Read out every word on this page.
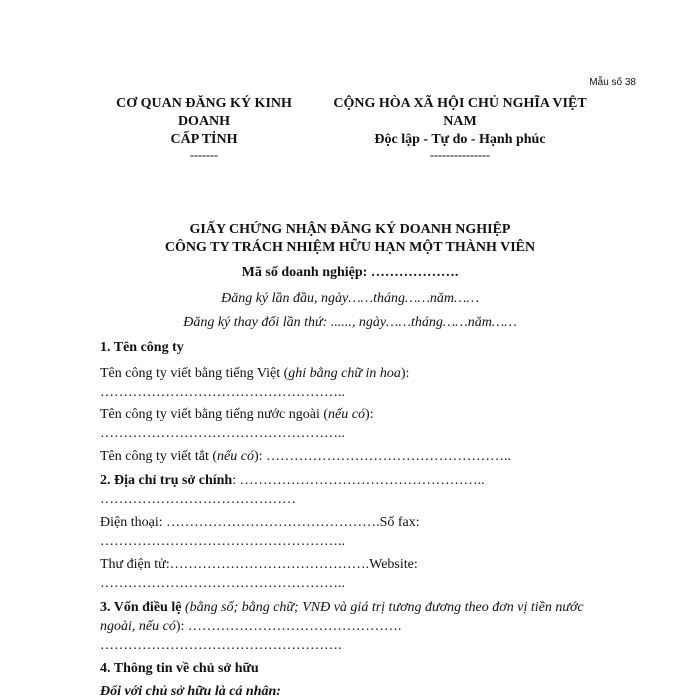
Mẫu số 38
CƠ QUAN ĐĂNG KÝ KINH
DOANH
CẤP TỈNH
-------
CỘNG HÒA XÃ HỘI CHỦ NGHĨA VIỆT
NAM
Độc lập - Tự do - Hạnh phúc
---------------
GIẤY CHỨNG NHẬN ĐĂNG KÝ DOANH NGHIỆP
CÔNG TY TRÁCH NHIỆM HỮU HẠN MỘT THÀNH VIÊN
Mã số doanh nghiệp: ……………….
Đăng ký lần đầu, ngày……tháng……năm……
Đăng ký thay đổi lần thứ: ......, ngày……tháng……năm……
1. Tên công ty
Tên công ty viết bằng tiếng Việt (ghi bằng chữ in hoa):
……………………………………………..
Tên công ty viết bằng tiếng nước ngoài (nếu có):
……………………………………………..
Tên công ty viết tắt (nếu có): ……………………………………………..
2. Địa chỉ trụ sở chính: ……………………………………………..
……………………………………
Điện thoại: ……………………………………….Số fax:
……………………………………………..
Thư điện tử:…………………………………….Website:
……………………………………………..
3. Vốn điều lệ (bằng số; bằng chữ; VNĐ và giá trị tương đương theo đơn vị tiền nước
ngoài, nếu có): ……………………………………….
…………………………………………….
4. Thông tin về chủ sở hữu
Đối với chủ sở hữu là cá nhân:
